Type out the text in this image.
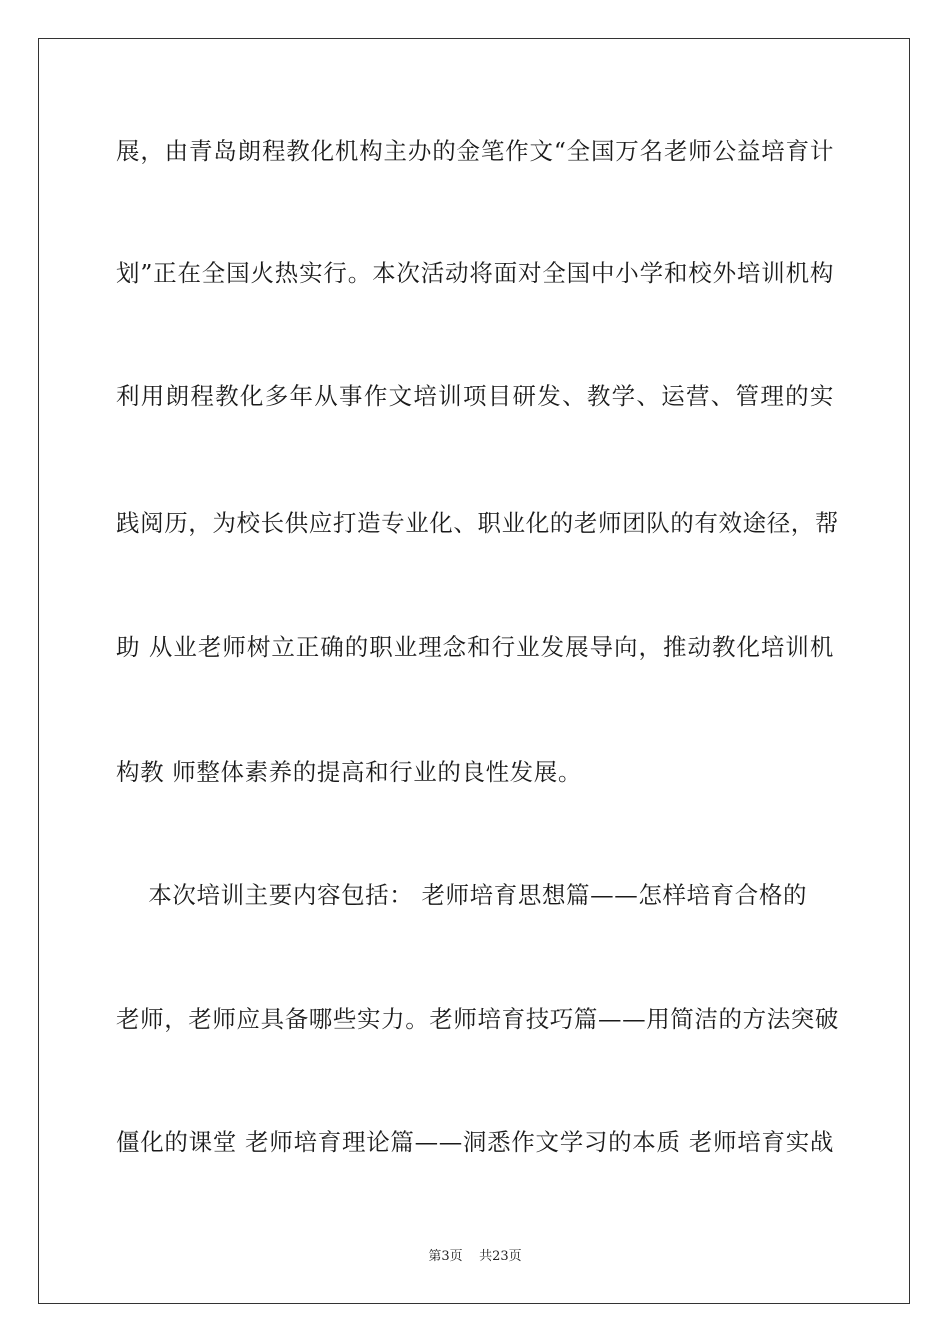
展，由青岛朗程教化机构主办的金笔作文“全国万名老师公益培育计
划”正在全国火热实行。本次活动将面对全国中小学和校外培训机构
利用朗程教化多年从事作文培训项目研发、教学、运营、管理的实
践阅历，为校长供应打造专业化、职业化的老师团队的有效途径，帮
助 从业老师树立正确的职业理念和行业发展导向，推动教化培训机
构教 师整体素养的提高和行业的良性发展。
本次培训主要内容包括： 老师培育思想篇——怎样培育合格的
老师，老师应具备哪些实力。老师培育技巧篇——用简洁的方法突破
僵化的课堂 老师培育理论篇——洞悉作文学习的本质 老师培育实战
第3页 共23页
